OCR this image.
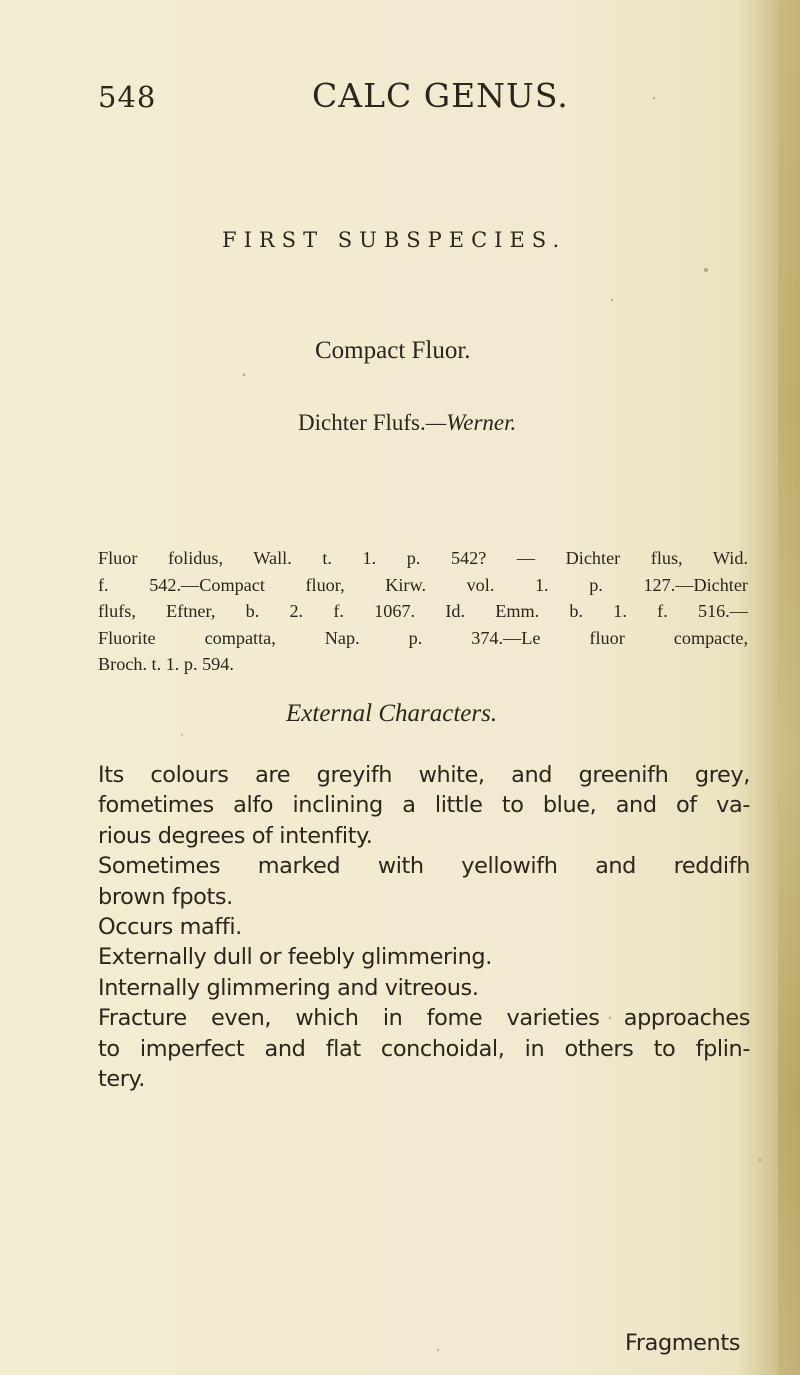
548	CALC GENUS.
FIRST SUBSPECIES.
Compact Fluor.
Dichter Flufs.—Werner.
Fluor folidus, Wall. t. 1. p. 542? — Dichter flus, Wid.
f. 542.—Compact fluor, Kirw. vol. 1. p. 127.—Dichter
flufs, Eftner, b. 2. f. 1067. Id. Emm. b. 1. f. 516.—
Fluorite compatta, Nap. p. 374.—Le fluor compacte,
Broch. t. 1. p. 594.
External Characters.
Its colours are greyifh white, and greenifh grey,
fometimes alfo inclining a little to blue, and of va-
rious degrees of intenfity.
Sometimes marked with yellowifh and reddifh
brown fpots.
Occurs maffi.
Externally dull or feebly glimmering.
Internally glimmering and vitreous.
Fracture even, which in fome varieties approaches
to imperfect and flat conchoidal, in others to fplin-
tery.
Fragments
